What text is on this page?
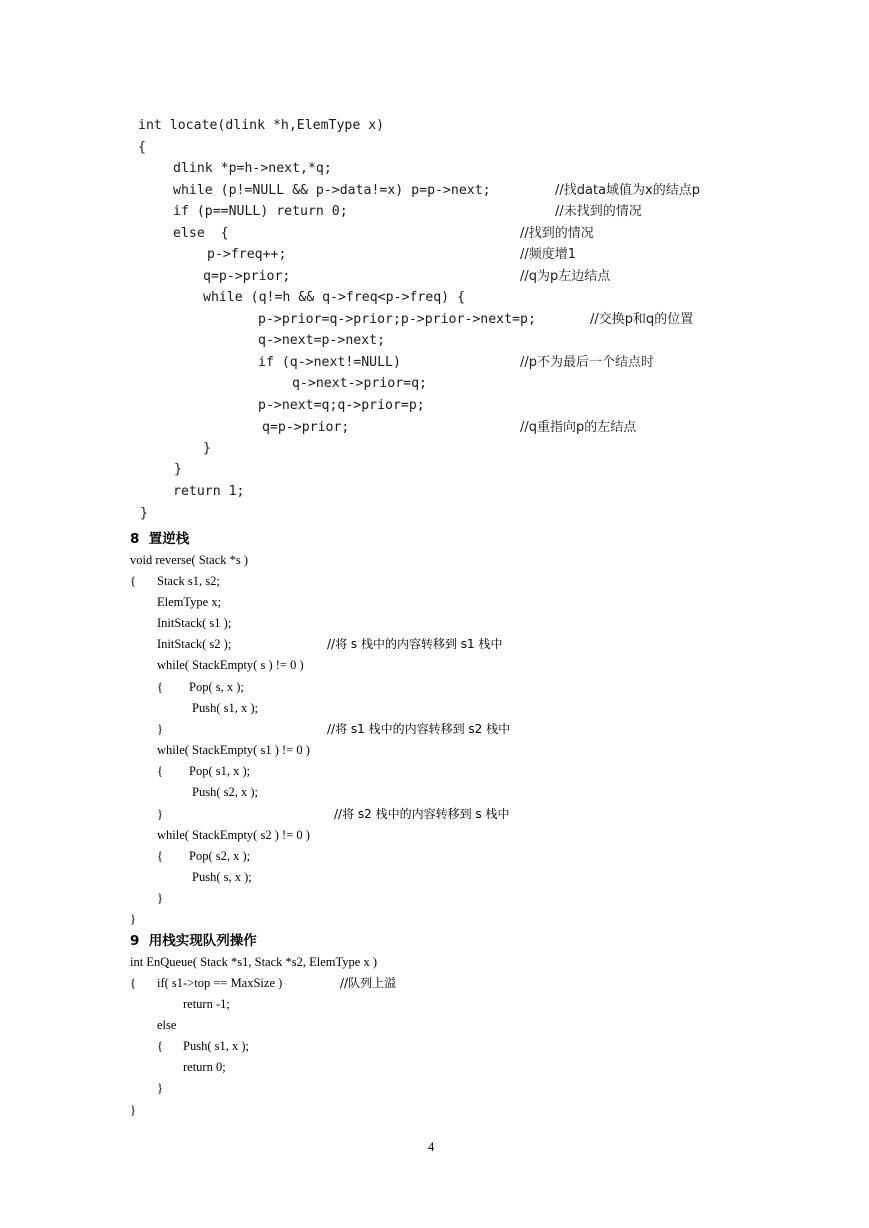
int locate(dlink *h,ElemType x)
{
dlink *p=h->next,*q;
while (p!=NULL && p->data!=x) p=p->next;	//找data域值为x的结点p
if (p==NULL) return 0;	//未找到的情况
else  {	//找到的情况
p->freq++;	//频度增1
q=p->prior;	//q为p左边结点
while (q!=h && q->freq<p->freq) {
p->prior=q->prior;p->prior->next=p;	//交换p和q的位置
q->next=p->next;
if (q->next!=NULL)	//p不为最后一个结点时
q->next->prior=q;
p->next=q;q->prior=p;
q=p->prior;	//q重指向p的左结点
}
}
return 1;
}
8  置逆栈
void reverse( Stack *s )
{ Stack s1, s2;
ElemType x;
InitStack( s1 );
InitStack( s2 );	//将 s 栈中的内容转移到 s1 栈中
while( StackEmpty( s ) != 0 )
{ Pop( s, x );
Push( s1, x );
}	//将 s1 栈中的内容转移到 s2 栈中
while( StackEmpty( s1 ) != 0 )
{ Pop( s1, x );
Push( s2, x );
}	//将 s2 栈中的内容转移到 s 栈中
while( StackEmpty( s2 ) != 0 )
{ Pop( s2, x );
Push( s, x );
}
}
9  用栈实现队列操作
int EnQueue( Stack *s1, Stack *s2, ElemType x )
{ if( s1->top == MaxSize )	//队列上溢
return -1;
else
{ Push( s1, x );
return 0;
}
}
4
